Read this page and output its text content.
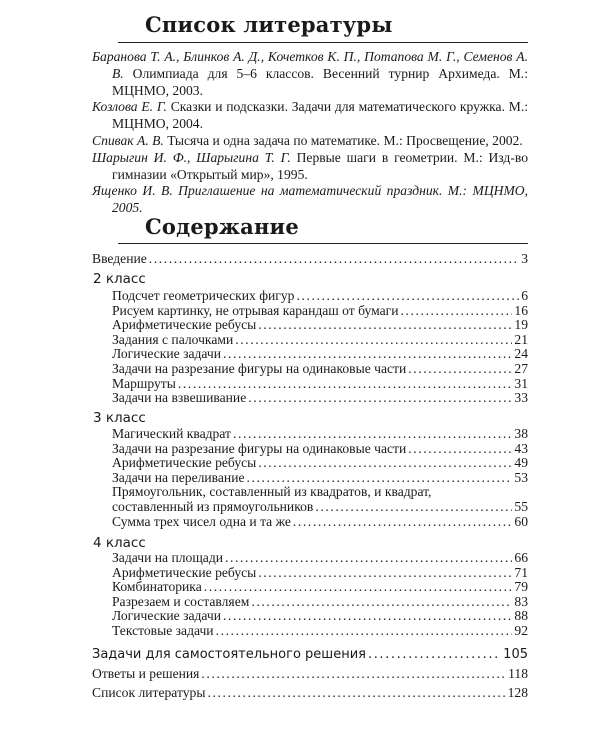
Список литературы
Баранова Т. А., Блинков А. Д., Кочетков К. П., Потапова М. Г., Семенов А. В. Олимпиада для 5–6 классов. Весенний турнир Архимеда. М.: МЦНМО, 2003.
Козлова Е. Г. Сказки и подсказки. Задачи для математического кружка. М.: МЦНМО, 2004.
Спивак А. В. Тысяча и одна задача по математике. М.: Просвещение, 2002.
Шарыгин И. Ф., Шарыгина Т. Г. Первые шаги в геометрии. М.: Изд-во гимназии «Открытый мир», 1995.
Ященко И. В. Приглашение на математический праздник. М.: МЦНМО, 2005.
Содержание
Введение .....	3
2 класс
Подсчет геометрических фигур .....	6
Рисуем картинку, не отрывая карандаш от бумаги .....	16
Арифметические ребусы .....	19
Задания с палочками .....	21
Логические задачи .....	24
Задачи на разрезание фигуры на одинаковые части .....	27
Маршруты .....	31
Задачи на взвешивание .....	33
3 класс
Магический квадрат .....	38
Задачи на разрезание фигуры на одинаковые части .....	43
Арифметические ребусы .....	49
Задачи на переливание .....	53
Прямоугольник, составленный из квадратов, и квадрат,
составленный из прямоугольников .....	55
Сумма трех чисел одна и та же .....	60
4 класс
Задачи на площади .....	66
Арифметические ребусы .....	71
Комбинаторика .....	79
Разрезаем и составляем .....	83
Логические задачи .....	88
Текстовые задачи .....	92
Задачи для самостоятельного решения .....	105
Ответы и решения .....	118
Список литературы .....	128
